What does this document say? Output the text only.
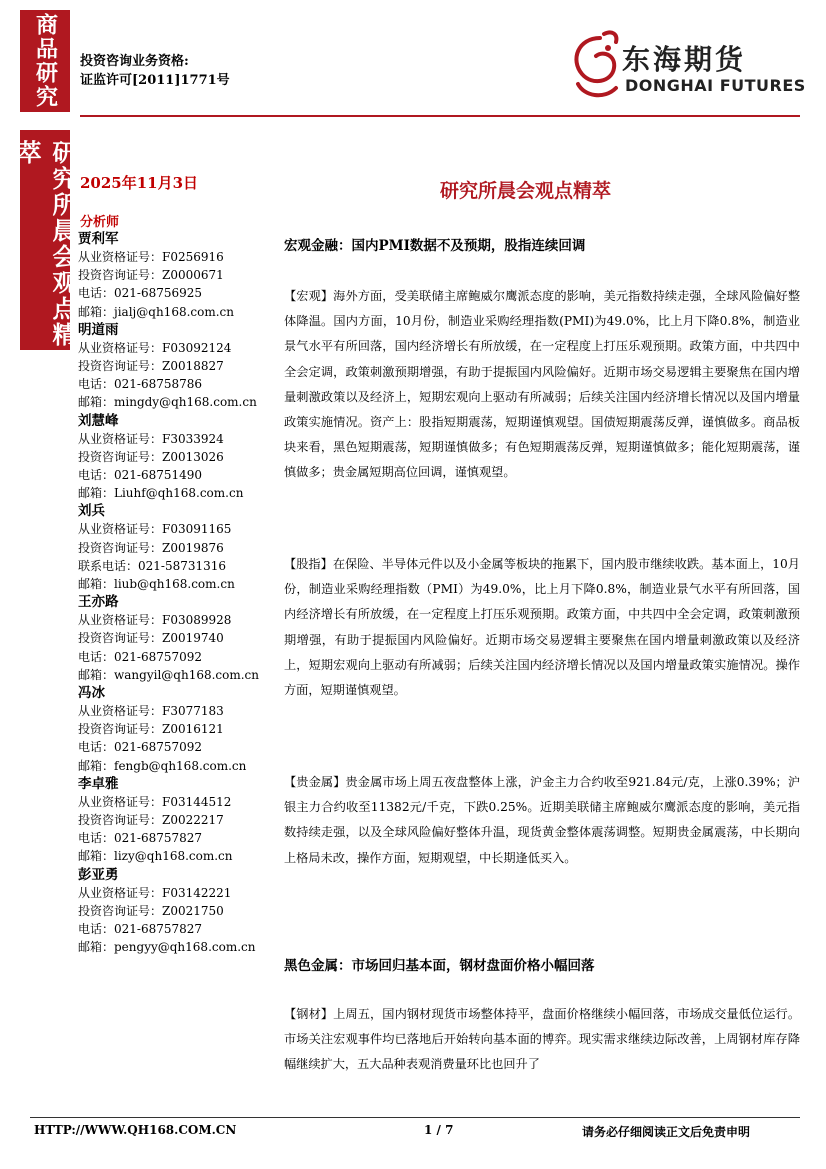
商品研究
研究所晨会观点精萃
投资咨询业务资格:
证监许可[2011]1771号
东海期货
DONGHAI FUTURES
2025年11月3日	研究所晨会观点精萃
分析师
贾利军
从业资格证号：F0256916
投资咨询证号：Z0000671
电话：021-68756925
邮箱：jialj@qh168.com.cn
明道雨
从业资格证号：F03092124
投资咨询证号：Z0018827
电话：021-68758786
邮箱：mingdy@qh168.com.cn
刘慧峰
从业资格证号：F3033924
投资咨询证号：Z0013026
电话：021-68751490
邮箱：Liuhf@qh168.com.cn
刘兵
从业资格证号：F03091165
投资咨询证号：Z0019876
联系电话：021-58731316
邮箱：liub@qh168.com.cn
王亦路
从业资格证号：F03089928
投资咨询证号：Z0019740
电话：021-68757092
邮箱：wangyil@qh168.com.cn
冯冰
从业资格证号：F3077183
投资咨询证号：Z0016121
电话：021-68757092
邮箱：fengb@qh168.com.cn
李卓雅
从业资格证号：F03144512
投资咨询证号：Z0022217
电话：021-68757827
邮箱：lizy@qh168.com.cn
彭亚勇
从业资格证号：F03142221
投资咨询证号：Z0021750
电话：021-68757827
邮箱：pengyy@qh168.com.cn
宏观金融：国内PMI数据不及预期，股指连续回调
【宏观】海外方面，受美联储主席鲍威尔鹰派态度的影响，美元指数持续走强，全球风险偏好整体降温。国内方面，10月份，制造业采购经理指数(PMI)为49.0%，比上月下降0.8%，制造业景气水平有所回落，国内经济增长有所放缓，在一定程度上打压乐观预期。政策方面，中共四中全会定调，政策刺激预期增强，有助于提振国内风险偏好。近期市场交易逻辑主要聚焦在国内增量刺激政策以及经济上，短期宏观向上驱动有所减弱；后续关注国内经济增长情况以及国内增量政策实施情况。资产上：股指短期震荡，短期谨慎观望。国债短期震荡反弹，谨慎做多。商品板块来看，黑色短期震荡，短期谨慎做多；有色短期震荡反弹，短期谨慎做多；能化短期震荡，谨慎做多；贵金属短期高位回调，谨慎观望。
【股指】在保险、半导体元件以及小金属等板块的拖累下，国内股市继续收跌。基本面上，10月份，制造业采购经理指数（PMI）为49.0%，比上月下降0.8%，制造业景气水平有所回落，国内经济增长有所放缓，在一定程度上打压乐观预期。政策方面，中共四中全会定调，政策刺激预期增强，有助于提振国内风险偏好。近期市场交易逻辑主要聚焦在国内增量刺激政策以及经济上，短期宏观向上驱动有所减弱；后续关注国内经济增长情况以及国内增量政策实施情况。操作方面，短期谨慎观望。
【贵金属】贵金属市场上周五夜盘整体上涨，沪金主力合约收至921.84元/克，上涨0.39%；沪银主力合约收至11382元/千克，下跌0.25%。近期美联储主席鲍威尔鹰派态度的影响，美元指数持续走强，以及全球风险偏好整体升温，现货黄金整体震荡调整。短期贵金属震荡，中长期向上格局未改，操作方面，短期观望，中长期逢低买入。
黑色金属：市场回归基本面，钢材盘面价格小幅回落
【钢材】上周五，国内钢材现货市场整体持平，盘面价格继续小幅回落，市场成交量低位运行。市场关注宏观事件均已落地后开始转向基本面的博弈。现实需求继续边际改善，上周钢材库存降幅继续扩大，五大品种表观消费量环比也回升了
HTTP://WWW.QH168.COM.CN	1 / 7	请务必仔细阅读正文后免责申明
